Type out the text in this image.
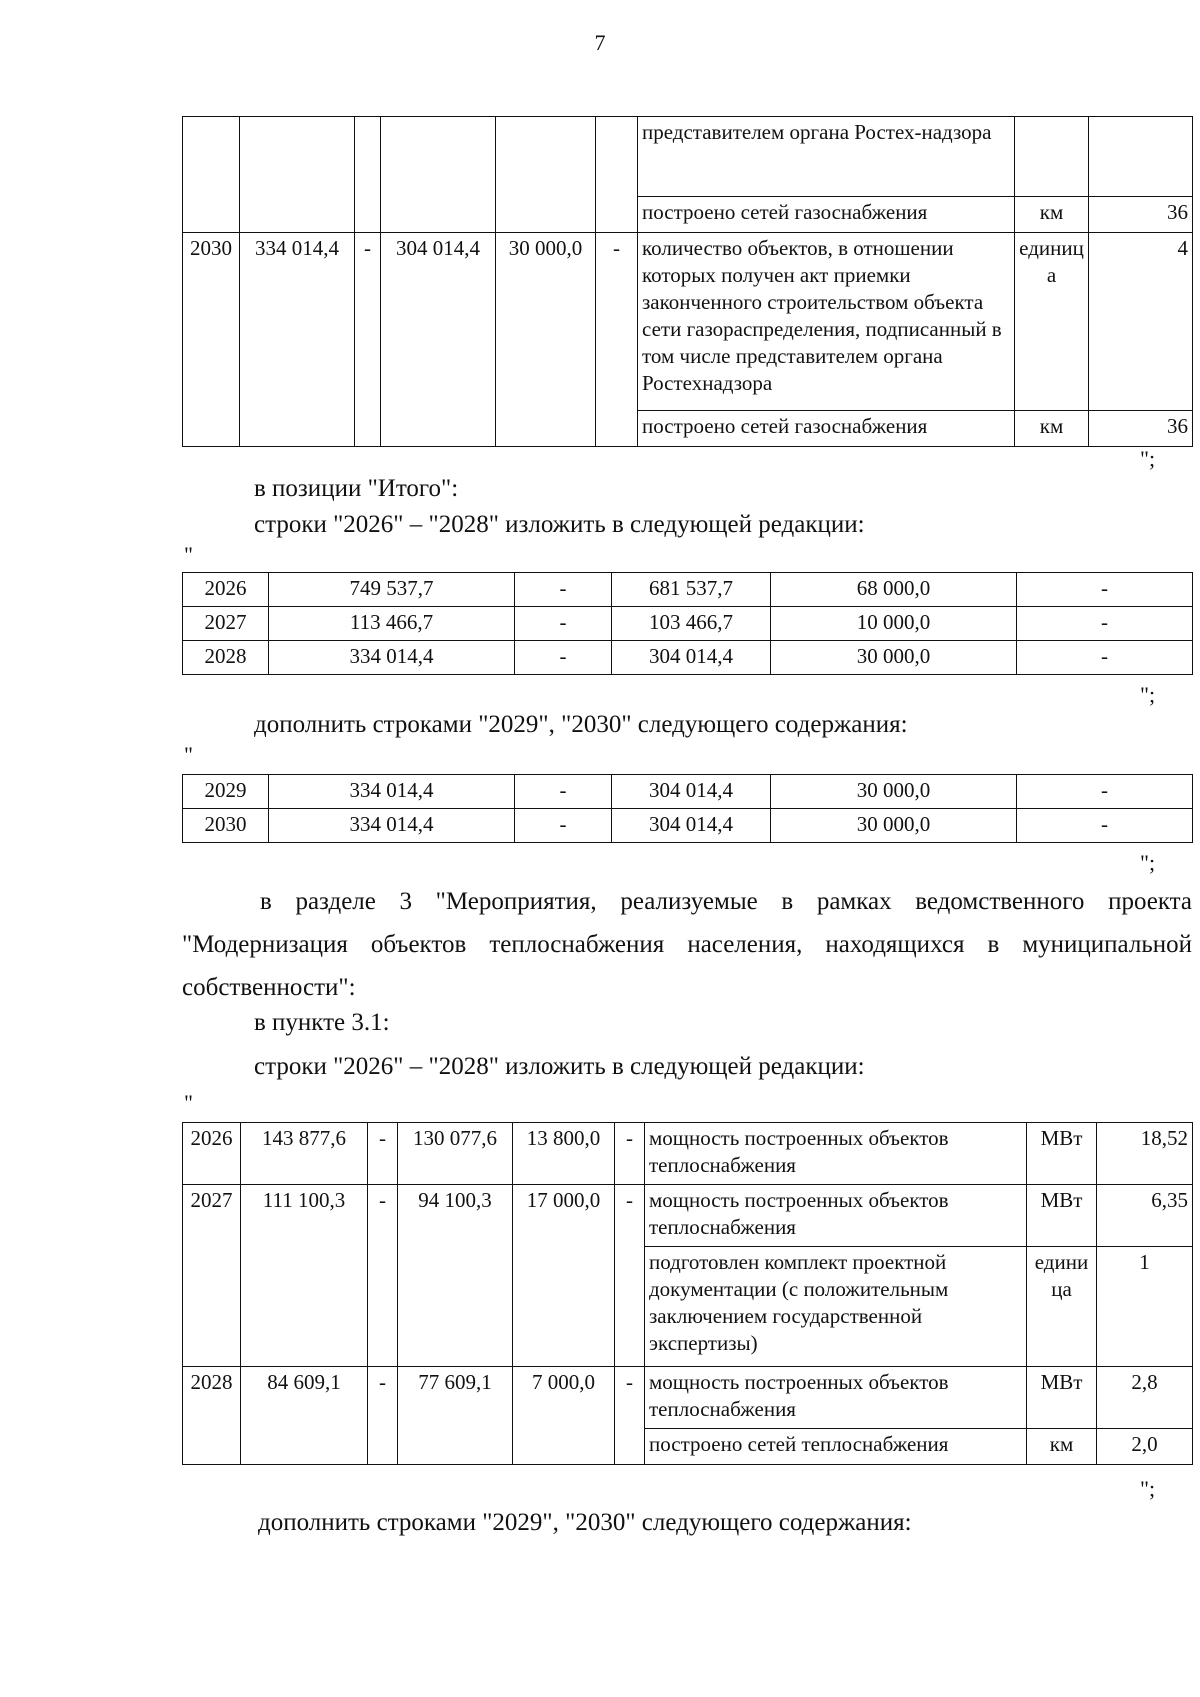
7
						представителем органа Ростех-надзора		
						построено сетей газоснабжения	км	36
2030	334 014,4	-	304 014,4	30 000,0	-	количество объектов, в отношении которых получен акт приемки законченного строительством объекта сети газораспределения, подписанный в том числе представителем органа Ростехнадзора	единица	4
						построено сетей газоснабжения	км	36
";
в позиции "Итого":
строки "2026" – "2028" изложить в следующей редакции:
"
2026	749 537,7	-	681 537,7	68 000,0	-
2027	113 466,7	-	103 466,7	10 000,0	-
2028	334 014,4	-	304 014,4	30 000,0	-
";
дополнить строками "2029", "2030" следующего содержания:
"
2029	334 014,4	-	304 014,4	30 000,0	-
2030	334 014,4	-	304 014,4	30 000,0	-
";
в разделе 3 "Мероприятия, реализуемые в рамках ведомственного проекта "Модернизация объектов теплоснабжения населения, находящихся в муниципальной собственности":
в пункте 3.1:
строки "2026" – "2028" изложить в следующей редакции:
"
2026	143 877,6	-	130 077,6	13 800,0	-	мощность построенных объектов теплоснабжения	МВт	18,52
2027	111 100,3	-	94 100,3	17 000,0	-	мощность построенных объектов теплоснабжения	МВт	6,35
						подготовлен комплект проектной документации (с положительным заключением государственной экспертизы)	единица	1
2028	84 609,1	-	77 609,1	7 000,0	-	мощность построенных объектов теплоснабжения	МВт	2,8
						построено сетей теплоснабжения	км	2,0
";
дополнить строками "2029", "2030" следующего содержания:
